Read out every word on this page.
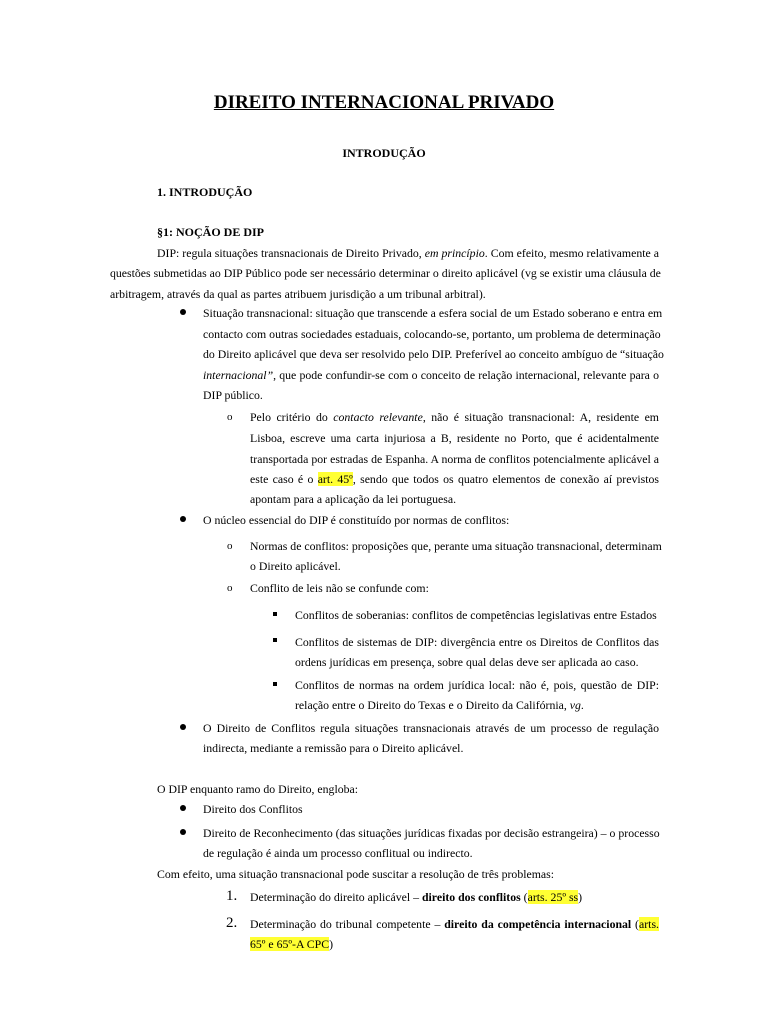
DIREITO INTERNACIONAL PRIVADO
INTRODUÇÃO
1. INTRODUÇÃO
§1: NOÇÃO DE DIP
DIP: regula situações transnacionais de Direito Privado, em princípio. Com efeito, mesmo relativamente a
questões submetidas ao DIP Público pode ser necessário determinar o direito aplicável (vg se existir uma cláusula de
arbitragem, através da qual as partes atribuem jurisdição a um tribunal arbitral).
Situação transnacional: situação que transcende a esfera social de um Estado soberano e entra em
contacto com outras sociedades estaduais, colocando-se, portanto, um problema de determinação
do Direito aplicável que deva ser resolvido pelo DIP. Preferível ao conceito ambíguo de “situação
internacional”, que pode confundir-se com o conceito de relação internacional, relevante para o
DIP público.
o Pelo critério do contacto relevante, não é situação transnacional: A, residente em
Lisboa, escreve uma carta injuriosa a B, residente no Porto, que é acidentalmente
transportada por estradas de Espanha. A norma de conflitos potencialmente aplicável a
este caso é o art. 45º, sendo que todos os quatro elementos de conexão aí previstos
apontam para a aplicação da lei portuguesa.
O núcleo essencial do DIP é constituído por normas de conflitos:
o Normas de conflitos: proposições que, perante uma situação transnacional, determinam
o Direito aplicável.
o Conflito de leis não se confunde com:
Conflitos de soberanias: conflitos de competências legislativas entre Estados
Conflitos de sistemas de DIP: divergência entre os Direitos de Conflitos das
ordens jurídicas em presença, sobre qual delas deve ser aplicada ao caso.
Conflitos de normas na ordem jurídica local: não é, pois, questão de DIP:
relação entre o Direito do Texas e o Direito da Califórnia, vg.
O Direito de Conflitos regula situações transnacionais através de um processo de regulação
indirecta, mediante a remissão para o Direito aplicável.
O DIP enquanto ramo do Direito, engloba:
Direito dos Conflitos
Direito de Reconhecimento (das situações jurídicas fixadas por decisão estrangeira) – o processo
de regulação é ainda um processo conflitual ou indirecto.
Com efeito, uma situação transnacional pode suscitar a resolução de três problemas:
1. Determinação do direito aplicável – direito dos conflitos (arts. 25º ss)
2. Determinação do tribunal competente – direito da competência internacional (arts.
65º e 65º-A CPC)
